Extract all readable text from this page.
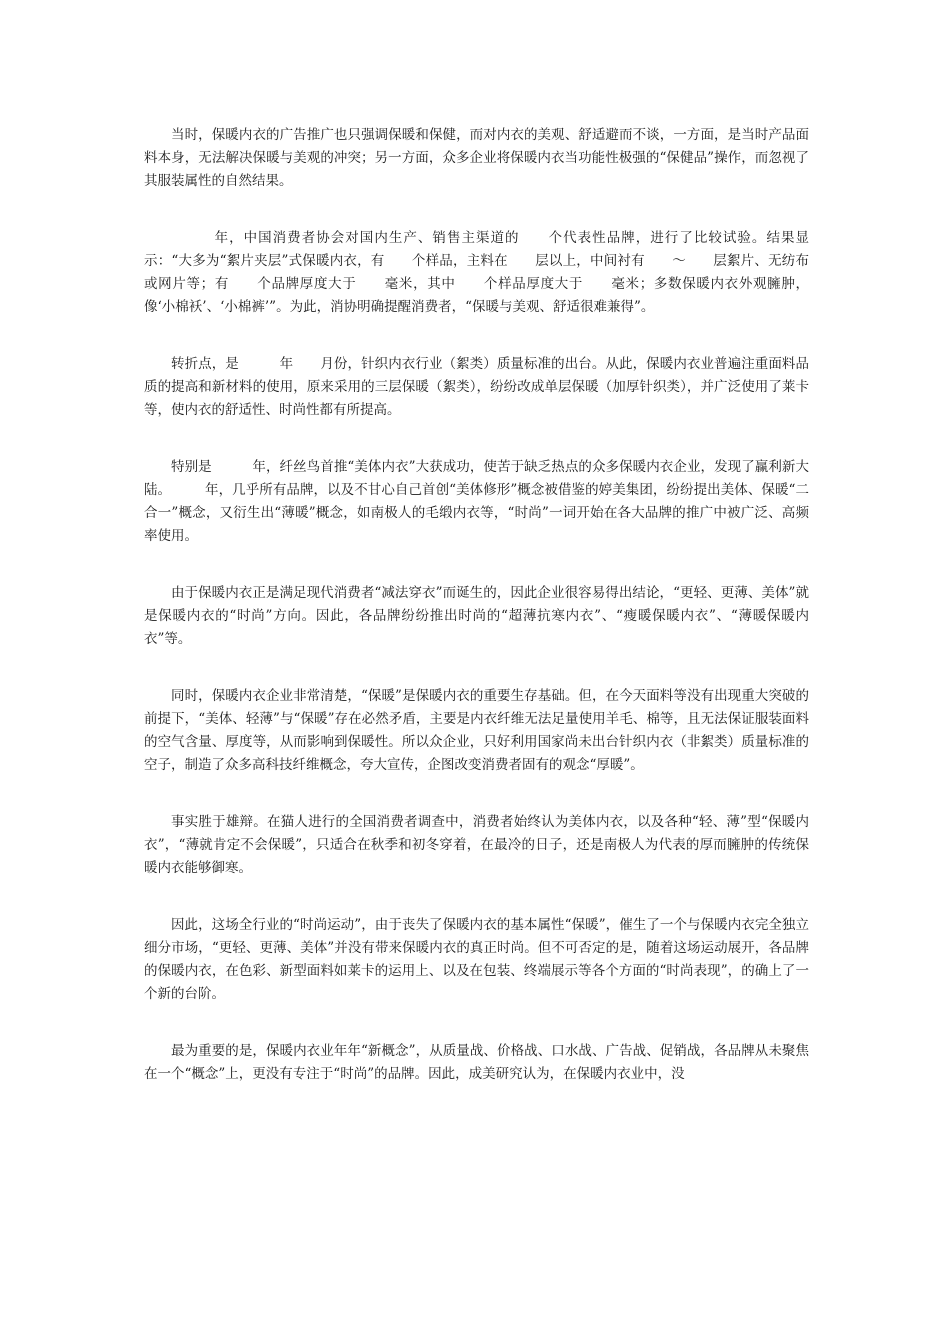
当时，保暖内衣的广告推广也只强调保暖和保健，而对内衣的美观、舒适避而不谈，一方面，是当时产品面料本身，无法解决保暖与美观的冲突；另一方面，众多企业将保暖内衣当功能性极强的“保健品”操作，而忽视了其服装属性的自然结果。

　　　年，中国消费者协会对国内生产、销售主渠道的　　个代表性品牌，进行了比较试验。结果显示：“大多为“絮片夹层”式保暖内衣，有　　个样品，主料在　　层以上，中间衬有　　～　　层絮片、无纺布或网片等；有　　个品牌厚度大于　　毫米，其中　　个样品厚度大于　　毫米；多数保暖内衣外观臃肿，像‘小棉袄’、‘小棉裤’”。为此，消协明确提醒消费者，“保暖与美观、舒适很难兼得”。

转折点，是　　　年　　月份，针织内衣行业（絮类）质量标准的出台。从此，保暖内衣业普遍注重面料品质的提高和新材料的使用，原来采用的三层保暖（絮类），纷纷改成单层保暖（加厚针织类），并广泛使用了莱卡等，使内衣的舒适性、时尚性都有所提高。

特别是　　　年，纤丝鸟首推“美体内衣”大获成功，使苦于缺乏热点的众多保暖内衣企业，发现了赢利新大陆。　　　年，几乎所有品牌，以及不甘心自己首创“美体修形”概念被借鉴的婷美集团，纷纷提出美体、保暖“二合一”概念，又衍生出“薄暖”概念，如南极人的毛缎内衣等，“时尚”一词开始在各大品牌的推广中被广泛、高频率使用。

由于保暖内衣正是满足现代消费者“减法穿衣”而诞生的，因此企业很容易得出结论，“更轻、更薄、美体”就是保暖内衣的“时尚”方向。因此，各品牌纷纷推出时尚的“超薄抗寒内衣”、“瘦暖保暖内衣”、“薄暖保暖内衣”等。

同时，保暖内衣企业非常清楚，“保暖”是保暖内衣的重要生存基础。但，在今天面料等没有出现重大突破的前提下，“美体、轻薄”与“保暖”存在必然矛盾，主要是内衣纤维无法足量使用羊毛、棉等，且无法保证服装面料的空气含量、厚度等，从而影响到保暖性。所以众企业，只好利用国家尚未出台针织内衣（非絮类）质量标准的空子，制造了众多高科技纤维概念，夸大宣传，企图改变消费者固有的观念“厚暖”。

事实胜于雄辩。在猫人进行的全国消费者调查中，消费者始终认为美体内衣，以及各种“轻、薄”型“保暖内衣”，“薄就肯定不会保暖”，只适合在秋季和初冬穿着，在最冷的日子，还是南极人为代表的厚而臃肿的传统保暖内衣能够御寒。

因此，这场全行业的“时尚运动”，由于丧失了保暖内衣的基本属性“保暖”，催生了一个与保暖内衣完全独立细分市场，“更轻、更薄、美体”并没有带来保暖内衣的真正时尚。但不可否定的是，随着这场运动展开，各品牌的保暖内衣，在色彩、新型面料如莱卡的运用上、以及在包装、终端展示等各个方面的“时尚表现”，的确上了一个新的台阶。

最为重要的是，保暖内衣业年年“新概念”，从质量战、价格战、口水战、广告战、促销战，各品牌从未聚焦在一个“概念”上，更没有专注于“时尚”的品牌。因此，成美研究认为，在保暖内衣业中，没
